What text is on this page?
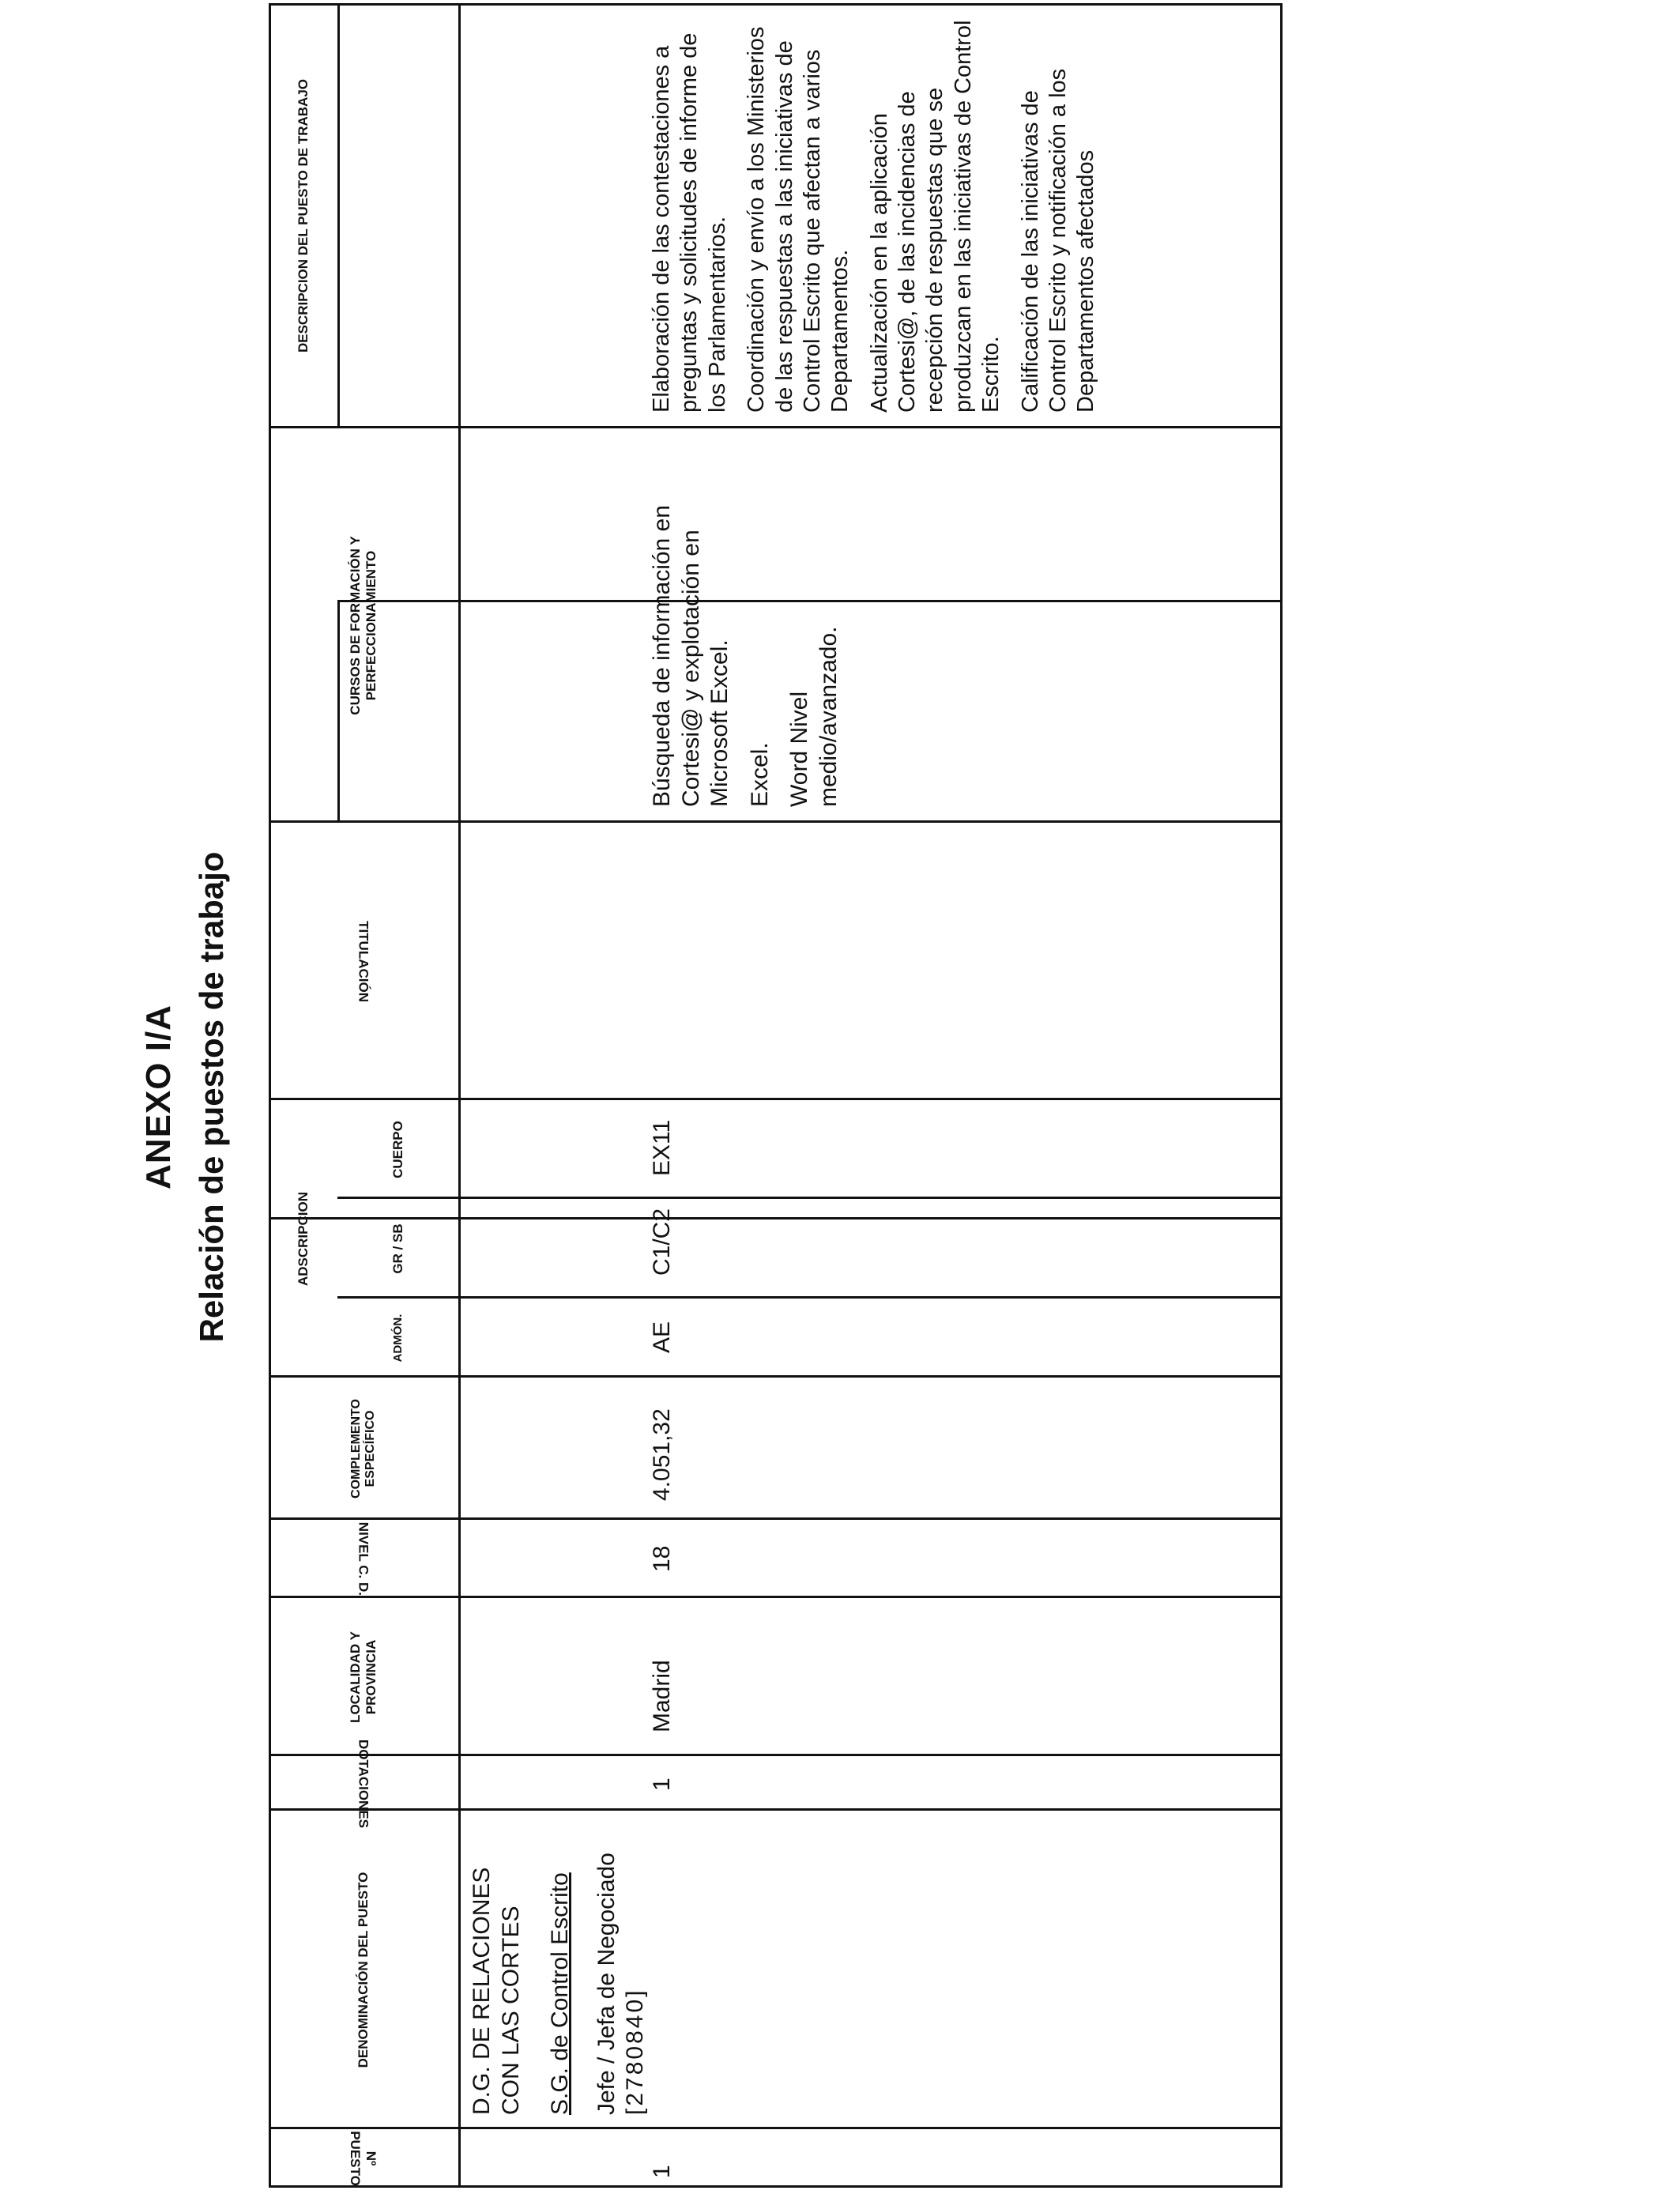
ANEXO I/A Relación de puestos de trabajo
Nº PUESTO
DENOMINACIÓN DEL PUESTO
DOTACIONES
LOCALIDAD Y PROVINCIA
NIVEL C. D.
COMPLEMENTO ESPECÍFICO
ADSCRIPCION
ADMÓN.
GR / SB
CUERPO
TITULACIÓN
CURSOS DE FORMACIÓN Y PERFECCIONAMIENTO
DESCRIPCION DEL PUESTO DE TRABAJO
1
D.G. DE RELACIONES CON LAS CORTES S.G. de Control Escrito Jefe / Jefa de Negociado [2780840]
1
Madrid
18
4.051,32
AE
C1/C2
EX11

Búsqueda de información en Cortesi@ y explotación en Microsoft Excel. Excel. Word Nivel medio/avanzado.

Elaboración de las contestaciones a preguntas y solicitudes de informe de los Parlamentarios. Coordinación y envío a los Ministerios de las respuestas a las iniciativas de Control Escrito que afectan a varios Departamentos. Actualización en la aplicación Cortesi@, de las incidencias de recepción de respuestas que se produzcan en las iniciativas de Control Escrito. Calificación de las iniciativas de Control Escrito y notificación a los Departamentos afectados
